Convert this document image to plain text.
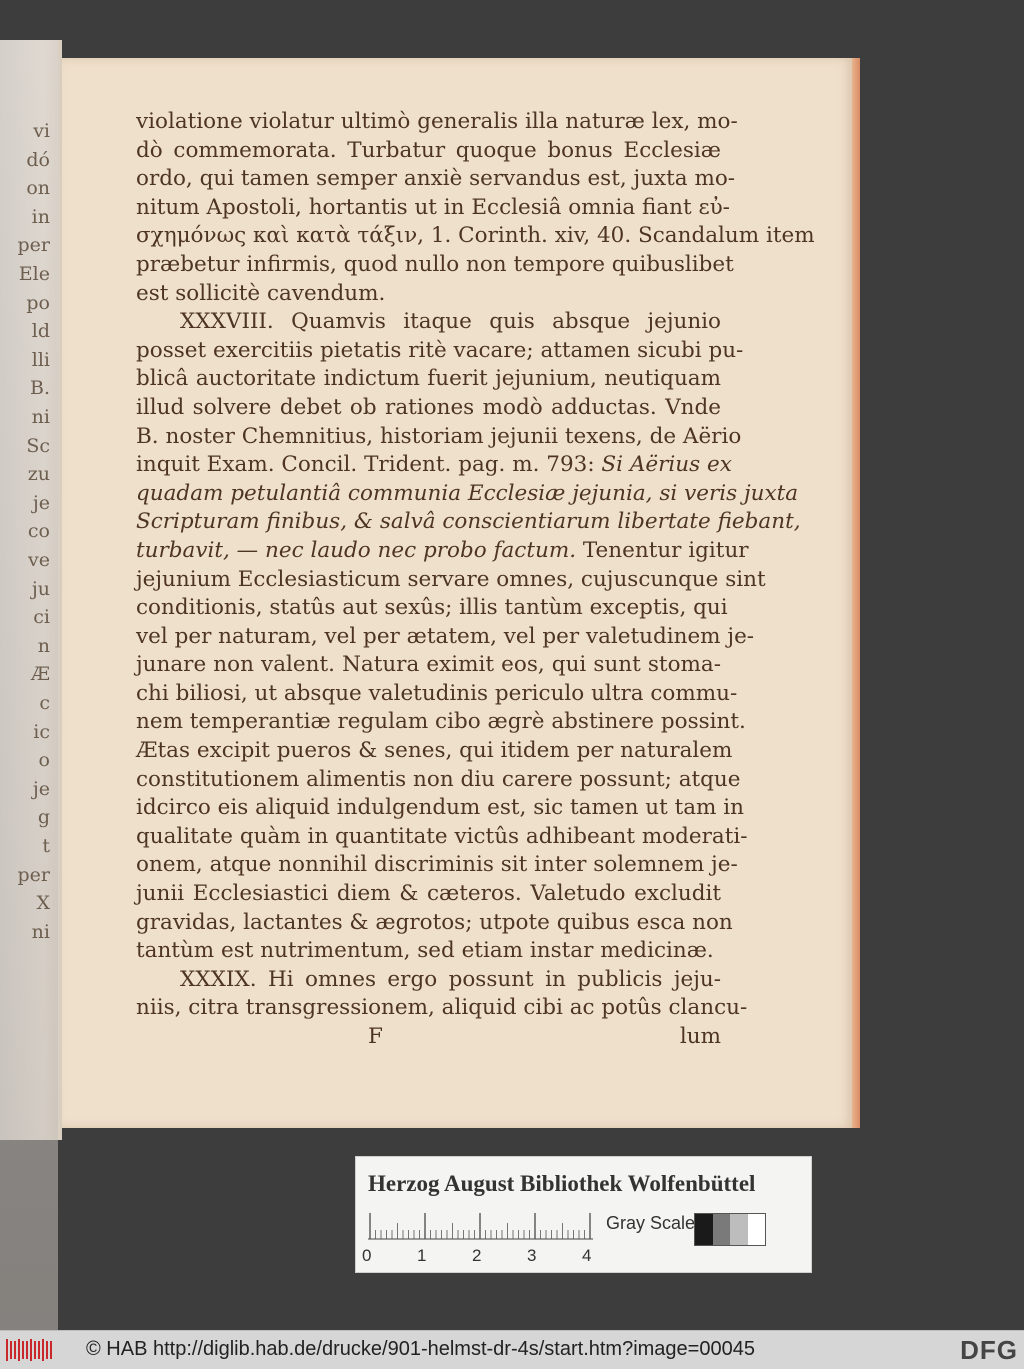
vi
dó
on
in
per
Ele
po
ld
lli
B.
ni
Sc
zu
je
co
ve
ju
ci
n
Æ
c
ic
o
je
g
t
per
X
ni
violatione violatur ultimò generalis illa naturæ lex, mo-
dò commemorata. Turbatur quoque bonus Ecclesiæ
ordo, qui tamen semper anxiè servandus est, juxta mo-
nitum Apostoli, hortantis ut in Ecclesiâ omnia fiant εὐ-
σχημόνως καὶ κατὰ τάξιν, 1. Corinth. xiv, 40. Scandalum item
præbetur infirmis, quod nullo non tempore quibuslibet
est sollicitè cavendum.
XXXVIII. Quamvis itaque quis absque jejunio
posset exercitiis pietatis ritè vacare; attamen sicubi pu-
blicâ auctoritate indictum fuerit jejunium, neutiquam
illud solvere debet ob rationes modò adductas. Vnde
B. noster Chemnitius, historiam jejunii texens, de Aërio
inquit Exam. Concil. Trident. pag. m. 793: Si Aërius ex
quadam petulantiâ communia Ecclesiæ jejunia, si veris juxta
Scripturam finibus, & salvâ conscientiarum libertate fiebant,
turbavit, — nec laudo nec probo factum. Tenentur igitur
jejunium Ecclesiasticum servare omnes, cujuscunque sint
conditionis, statûs aut sexûs; illis tantùm exceptis, qui
vel per naturam, vel per ætatem, vel per valetudinem je-
junare non valent. Natura eximit eos, qui sunt stoma-
chi biliosi, ut absque valetudinis periculo ultra commu-
nem temperantiæ regulam cibo ægrè abstinere possint.
Ætas excipit pueros & senes, qui itidem per naturalem
constitutionem alimentis non diu carere possunt; atque
idcirco eis aliquid indulgendum est, sic tamen ut tam in
qualitate quàm in quantitate victûs adhibeant moderati-
onem, atque nonnihil discriminis sit inter solemnem je-
junii Ecclesiastici diem & cæteros. Valetudo excludit
gravidas, lactantes & ægrotos; utpote quibus esca non
tantùm est nutrimentum, sed etiam instar medicinæ.
XXXIX. Hi omnes ergo possunt in publicis jeju-
niis, citra transgressionem, aliquid cibi ac potûs clancu-
F	lum
Herzog August Bibliothek Wolfenbüttel
0	1	2	3	4
Gray Scale
© HAB http://diglib.hab.de/drucke/901-helmst-dr-4s/start.htm?image=00045	DFG
